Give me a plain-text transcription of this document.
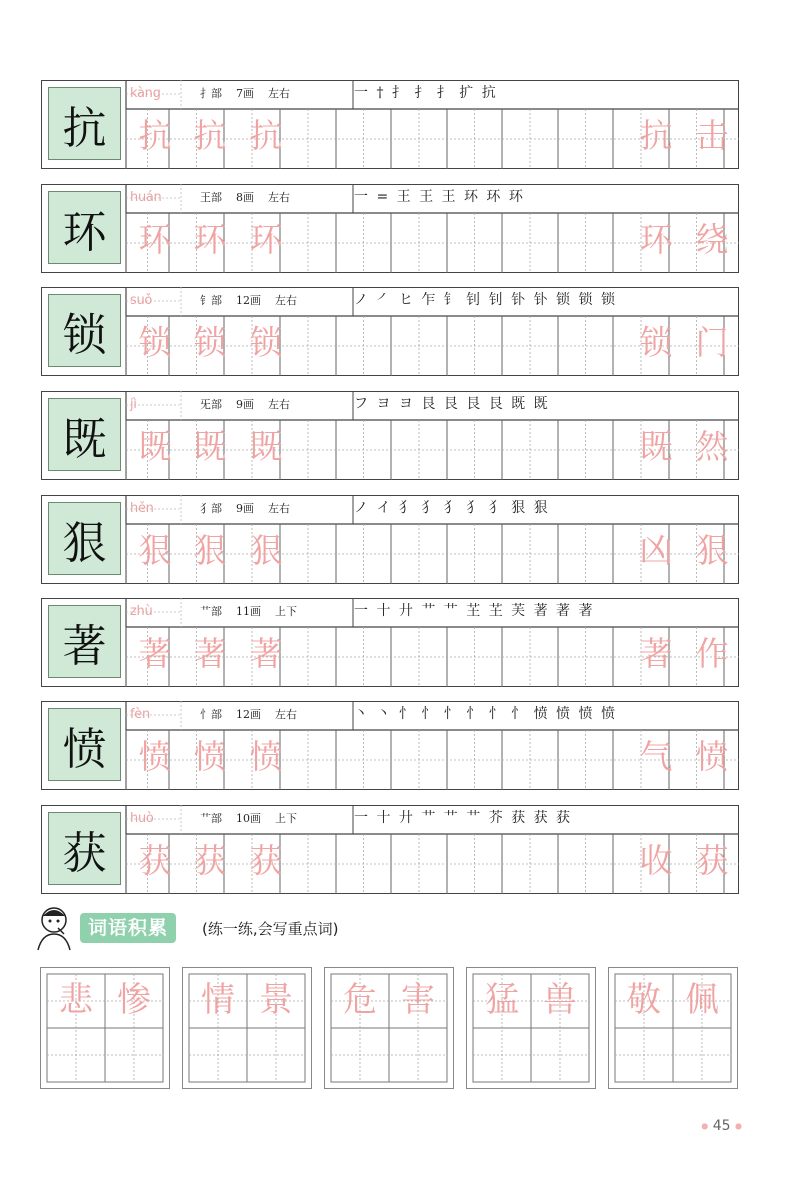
抗
kàng	扌部 7画 左右	一 † 扌 扌 扌 扩 抗
抗 抗 抗	抗 击
环
huán	王部 8画 左右	一 = 王 王 王 环 环 环
环 环 环	环 绕
锁
suǒ	钅部 12画 左右	ノ ㇒ ヒ 乍 钅 钊 钊 钋 钋 锁 锁 锁
锁 锁 锁	锁 门
既
jì	旡部 9画 左右	フ ヨ ヨ 艮 艮 艮 艮 既 既
既 既 既	既 然
狠
hěn	犭部 9画 左右	ノ イ 犭 犭 犭 犭 犭 狠 狠
狠 狠 狠	凶 狠
著
zhù	艹部 11画 上下	一 十 廾 艹 艹 芏 芏 芙 著 著 著
著 著 著	著 作
愤
fèn	忄部 12画 左右	丶 丶 忄 忄 忄 忄 忄 忄 愤 愤 愤 愤
愤 愤 愤	气 愤
获
huò	艹部 10画 上下	一 十 廾 艹 艹 艹 芥 获 获 获
获 获 获	收 获
词语积累	(练一练,会写重点词)
悲 惨	情 景	危 害	猛 兽	敬 佩
● 45 ●
